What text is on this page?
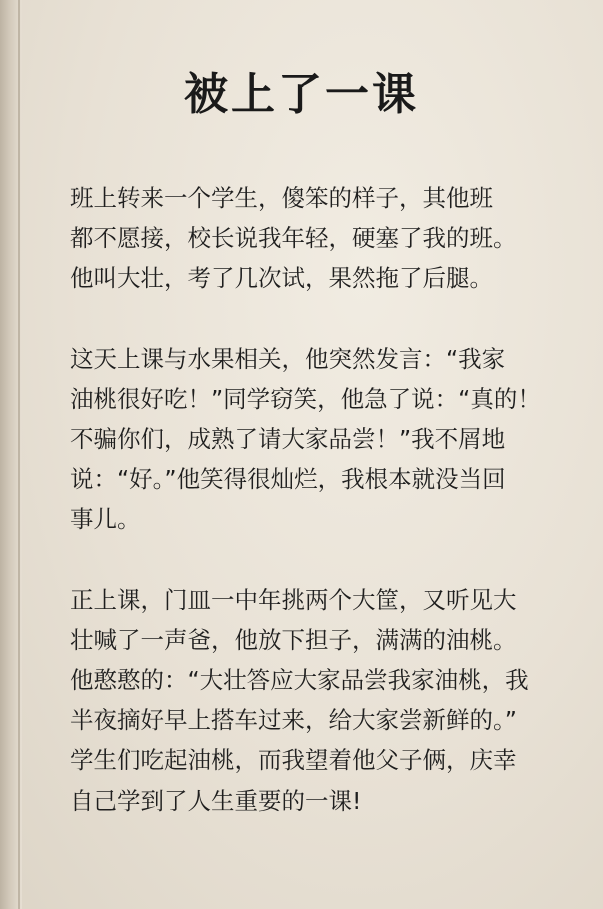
被上了一课
班上转来一个学生，傻笨的样子，其他班
都不愿接，校长说我年轻，硬塞了我的班。
他叫大壮，考了几次试，果然拖了后腿。
这天上课与水果相关，他突然发言：“我家
油桃很好吃！”同学窃笑，他急了说：“真的！
不骗你们，成熟了请大家品尝！”我不屑地
说：“好。”他笑得很灿烂，我根本就没当回
事儿。
正上课，门皿一中年挑两个大筐，又听见大
壮喊了一声爸，他放下担子，满满的油桃。
他憨憨的：“大壮答应大家品尝我家油桃，我
半夜摘好早上搭车过来，给大家尝新鲜的。”
学生们吃起油桃，而我望着他父子俩，庆幸
自己学到了人生重要的一课!
